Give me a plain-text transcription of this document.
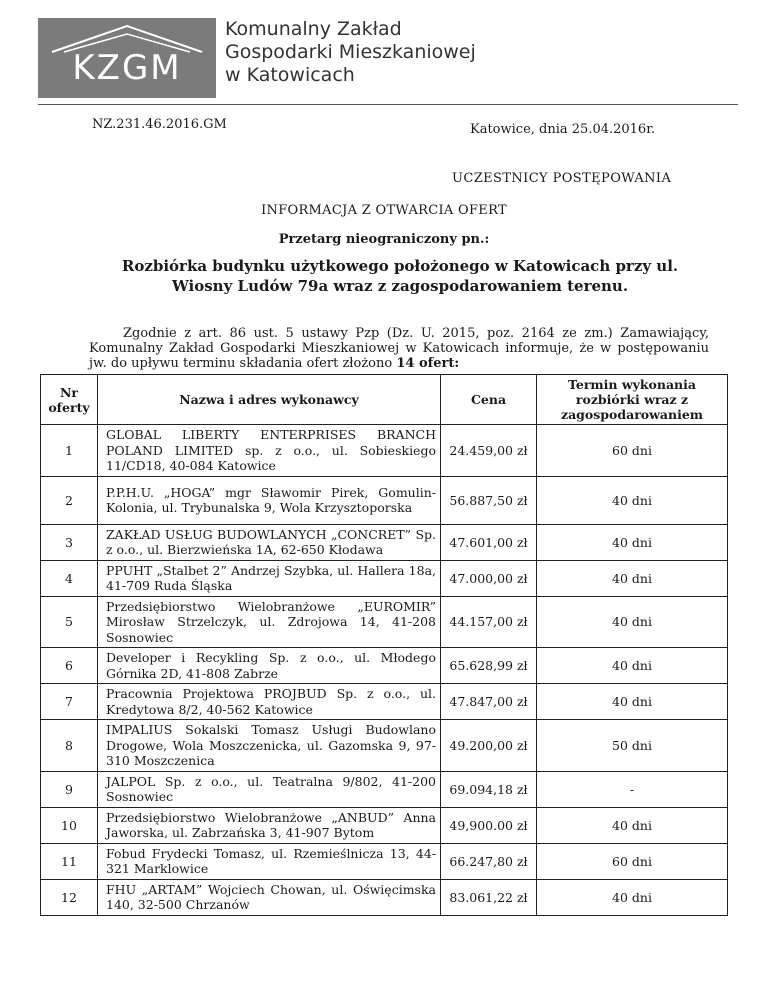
KZGM
Komunalny Zakład
Gospodarki Mieszkaniowej
w Katowicach
NZ.231.46.2016.GM	Katowice, dnia 25.04.2016r.
UCZESTNICY POSTĘPOWANIA
INFORMACJA Z OTWARCIA OFERT
Przetarg nieograniczony pn.:
Rozbiórka budynku użytkowego położonego w Katowicach przy ul. Wiosny Ludów 79a wraz z zagospodarowaniem terenu.
Zgodnie z art. 86 ust. 5 ustawy Pzp (Dz. U. 2015, poz. 2164 ze zm.) Zamawiający, Komunalny Zakład Gospodarki Mieszkaniowej w Katowicach informuje, że w postępowaniu jw. do upływu terminu składania ofert złożono 14 ofert:
Nr oferty	Nazwa i adres wykonawcy	Cena	Termin wykonania rozbiórki wraz z zagospodarowaniem
1	GLOBAL LIBERTY ENTERPRISES BRANCH POLAND LIMITED sp. z o.o., ul. Sobieskiego 11/CD18, 40-084 Katowice	24.459,00 zł	60 dni
2	P.P.H.U. „HOGA” mgr Sławomir Pirek, Gomulin-Kolonia, ul. Trybunalska 9, Wola Krzysztoporska	56.887,50 zł	40 dni
3	ZAKŁAD USŁUG BUDOWLANYCH „CONCRET” Sp. z o.o., ul. Bierzwieńska 1A, 62-650 Kłodawa	47.601,00 zł	40 dni
4	PPUHT „Stalbet 2” Andrzej Szybka, ul. Hallera 18a, 41-709 Ruda Śląska	47.000,00 zł	40 dni
5	Przedsiębiorstwo Wielobranżowe „EUROMIR” Mirosław Strzelczyk, ul. Zdrojowa 14, 41-208 Sosnowiec	44.157,00 zł	40 dni
6	Developer i Recykling Sp. z o.o., ul. Młodego Górnika 2D, 41-808 Zabrze	65.628,99 zł	40 dni
7	Pracownia Projektowa PROJBUD Sp. z o.o., ul. Kredytowa 8/2, 40-562 Katowice	47.847,00 zł	40 dni
8	IMPALIUS Sokalski Tomasz Usługi Budowlano Drogowe, Wola Moszczenicka, ul. Gazomska 9, 97-310 Moszczenica	49.200,00 zł	50 dni
9	JALPOL Sp. z o.o., ul. Teatralna 9/802, 41-200 Sosnowiec	69.094,18 zł	-
10	Przedsiębiorstwo Wielobranżowe „ANBUD” Anna Jaworska, ul. Zabrzańska 3, 41-907 Bytom	49,900.00 zł	40 dni
11	Fobud Frydecki Tomasz, ul. Rzemieślnicza 13, 44-321 Marklowice	66.247,80 zł	60 dni
12	FHU „ARTAM” Wojciech Chowan, ul. Oświęcimska 140, 32-500 Chrzanów	83.061,22 zł	40 dni
